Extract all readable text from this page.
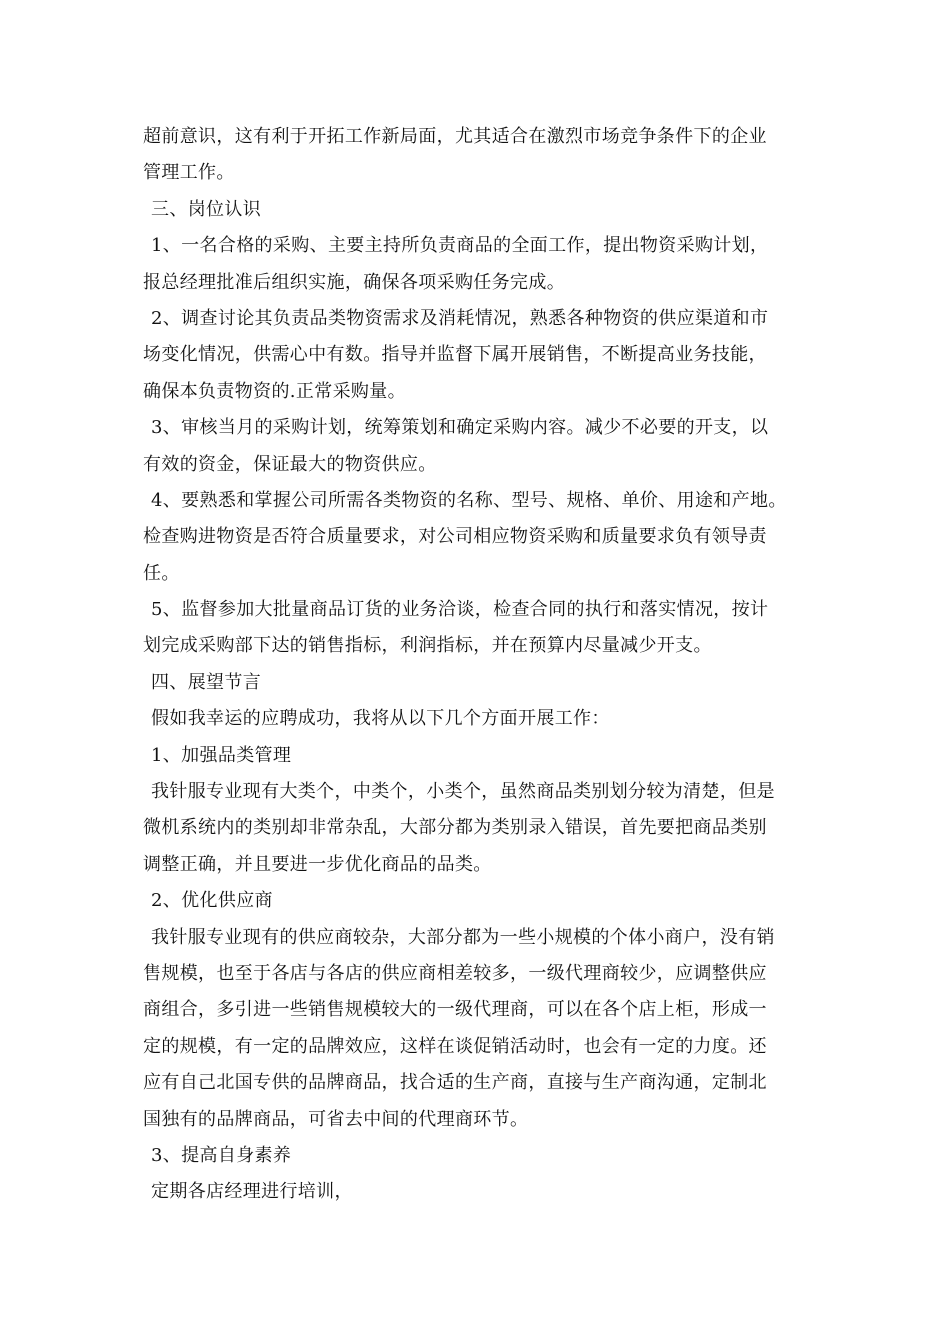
超前意识，这有利于开拓工作新局面，尤其适合在激烈市场竞争条件下的企业
管理工作。
三、岗位认识
1、一名合格的采购、主要主持所负责商品的全面工作，提出物资采购计划，
报总经理批准后组织实施，确保各项采购任务完成。
2、调查讨论其负责品类物资需求及消耗情况，熟悉各种物资的供应渠道和市
场变化情况，供需心中有数。指导并监督下属开展销售，不断提高业务技能，
确保本负责物资的.正常采购量。
3、审核当月的采购计划，统筹策划和确定采购内容。减少不必要的开支，以
有效的资金，保证最大的物资供应。
4、要熟悉和掌握公司所需各类物资的名称、型号、规格、单价、用途和产地。
检查购进物资是否符合质量要求，对公司相应物资采购和质量要求负有领导责
任。
5、监督参加大批量商品订货的业务洽谈，检查合同的执行和落实情况，按计
划完成采购部下达的销售指标，利润指标，并在预算内尽量减少开支。
四、展望节言
假如我幸运的应聘成功，我将从以下几个方面开展工作：
1、加强品类管理
我针服专业现有大类个，中类个，小类个，虽然商品类别划分较为清楚，但是
微机系统内的类别却非常杂乱，大部分都为类别录入错误，首先要把商品类别
调整正确，并且要进一步优化商品的品类。
2、优化供应商
我针服专业现有的供应商较杂，大部分都为一些小规模的个体小商户，没有销
售规模，也至于各店与各店的供应商相差较多，一级代理商较少，应调整供应
商组合，多引进一些销售规模较大的一级代理商，可以在各个店上柜，形成一
定的规模，有一定的品牌效应，这样在谈促销活动时，也会有一定的力度。还
应有自己北国专供的品牌商品，找合适的生产商，直接与生产商沟通，定制北
国独有的品牌商品，可省去中间的代理商环节。
3、提高自身素养
定期各店经理进行培训，
